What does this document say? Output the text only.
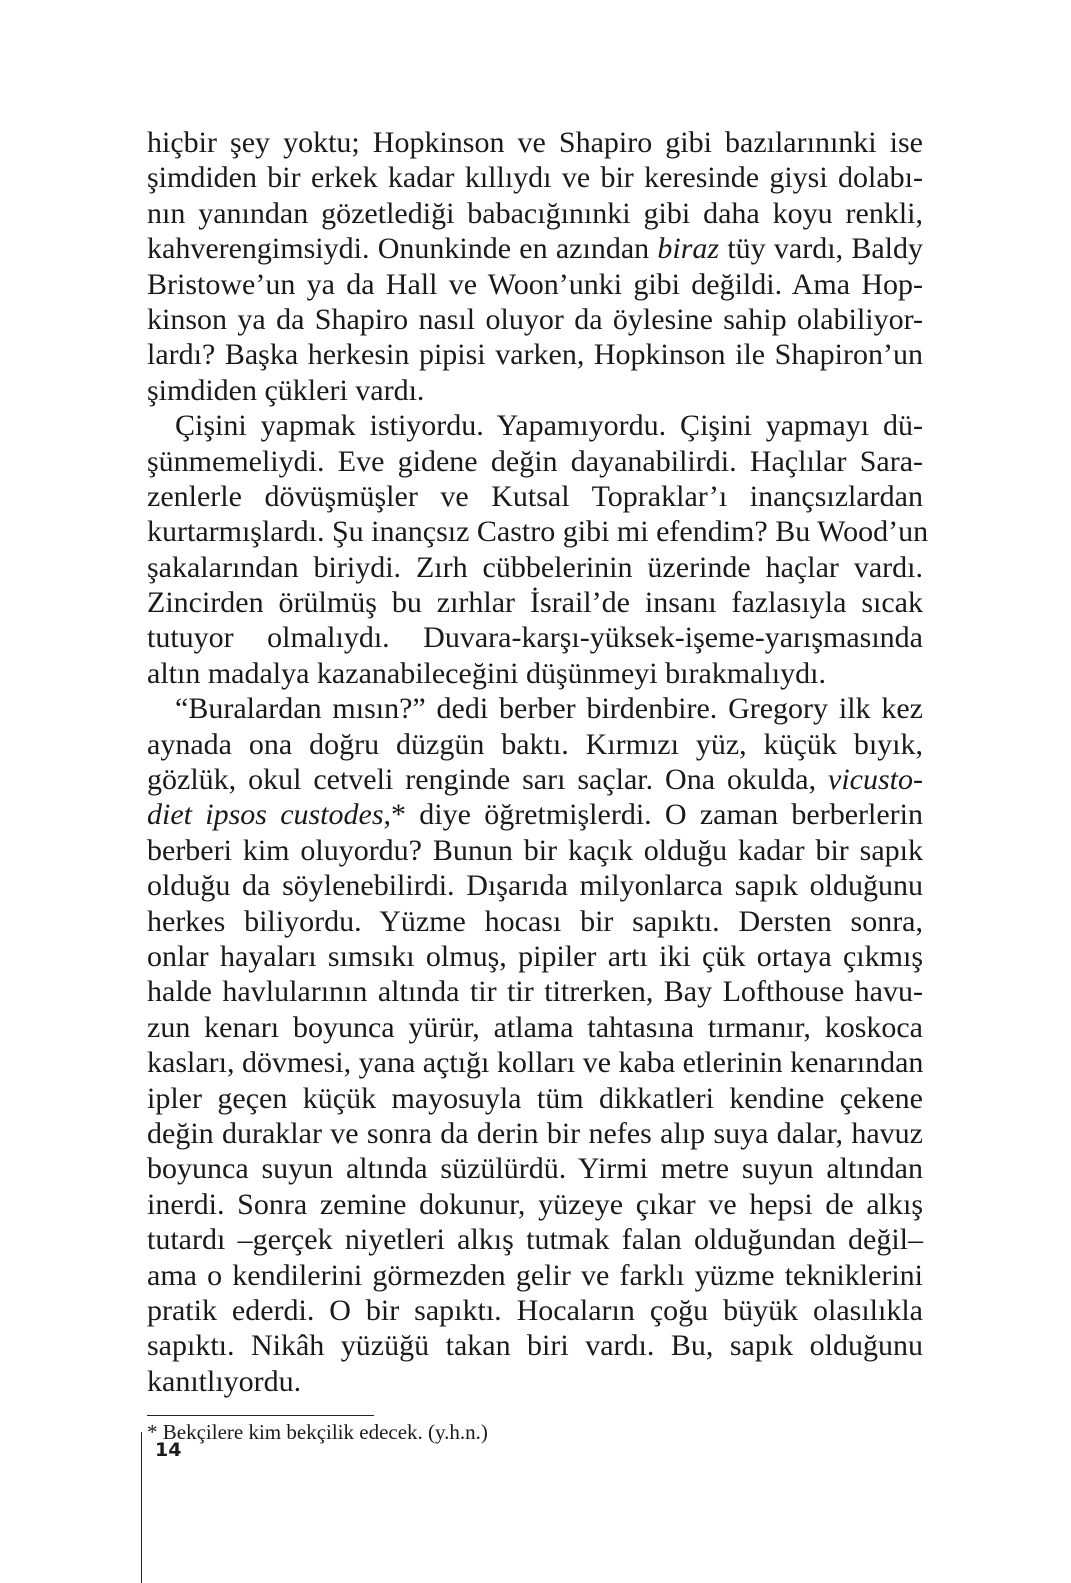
hiçbir şey yoktu; Hopkinson ve Shapiro gibi bazılarınınki ise
şimdiden bir erkek kadar kıllıydı ve bir keresinde giysi dolabı-
nın yanından gözetlediği babacığınınki gibi daha koyu renkli,
kahverengimsiydi. Onunkinde en azından biraz tüy vardı, Baldy
Bristowe’un ya da Hall ve Woon’unki gibi değildi. Ama Hop-
kinson ya da Shapiro nasıl oluyor da öylesine sahip olabiliyor-
lardı? Başka herkesin pipisi varken, Hopkinson ile Shapiron’un
şimdiden çükleri vardı.
Çişini yapmak istiyordu. Yapamıyordu. Çişini yapmayı dü-
şünmemeliydi. Eve gidene değin dayanabilirdi. Haçlılar Sara-
zenlerle dövüşmüşler ve Kutsal Topraklar’ı inançsızlardan
kurtarmışlardı. Şu inançsız Castro gibi mi efendim? Bu Wood’un
şakalarından biriydi. Zırh cübbelerinin üzerinde haçlar vardı.
Zincirden örülmüş bu zırhlar İsrail’de insanı fazlasıyla sıcak
tutuyor olmalıydı. Duvara-karşı-yüksek-işeme-yarışmasında
altın madalya kazanabileceğini düşünmeyi bırakmalıydı.
“Buralardan mısın?” dedi berber birdenbire. Gregory ilk kez
aynada ona doğru düzgün baktı. Kırmızı yüz, küçük bıyık,
gözlük, okul cetveli renginde sarı saçlar. Ona okulda, vicusto-
diet ipsos custodes,* diye öğretmişlerdi. O zaman berberlerin
berberi kim oluyordu? Bunun bir kaçık olduğu kadar bir sapık
olduğu da söylenebilirdi. Dışarıda milyonlarca sapık olduğunu
herkes biliyordu. Yüzme hocası bir sapıktı. Dersten sonra,
onlar hayaları sımsıkı olmuş, pipiler artı iki çük ortaya çıkmış
halde havlularının altında tir tir titrerken, Bay Lofthouse havu-
zun kenarı boyunca yürür, atlama tahtasına tırmanır, koskoca
kasları, dövmesi, yana açtığı kolları ve kaba etlerinin kenarından
ipler geçen küçük mayosuyla tüm dikkatleri kendine çekene
değin duraklar ve sonra da derin bir nefes alıp suya dalar, havuz
boyunca suyun altında süzülürdü. Yirmi metre suyun altından
inerdi. Sonra zemine dokunur, yüzeye çıkar ve hepsi de alkış
tutardı –gerçek niyetleri alkış tutmak falan olduğundan değil–
ama o kendilerini görmezden gelir ve farklı yüzme tekniklerini
pratik ederdi. O bir sapıktı. Hocaların çoğu büyük olasılıkla
sapıktı. Nikâh yüzüğü takan biri vardı. Bu, sapık olduğunu
kanıtlıyordu.
* Bekçilere kim bekçilik edecek. (y.h.n.)
14
